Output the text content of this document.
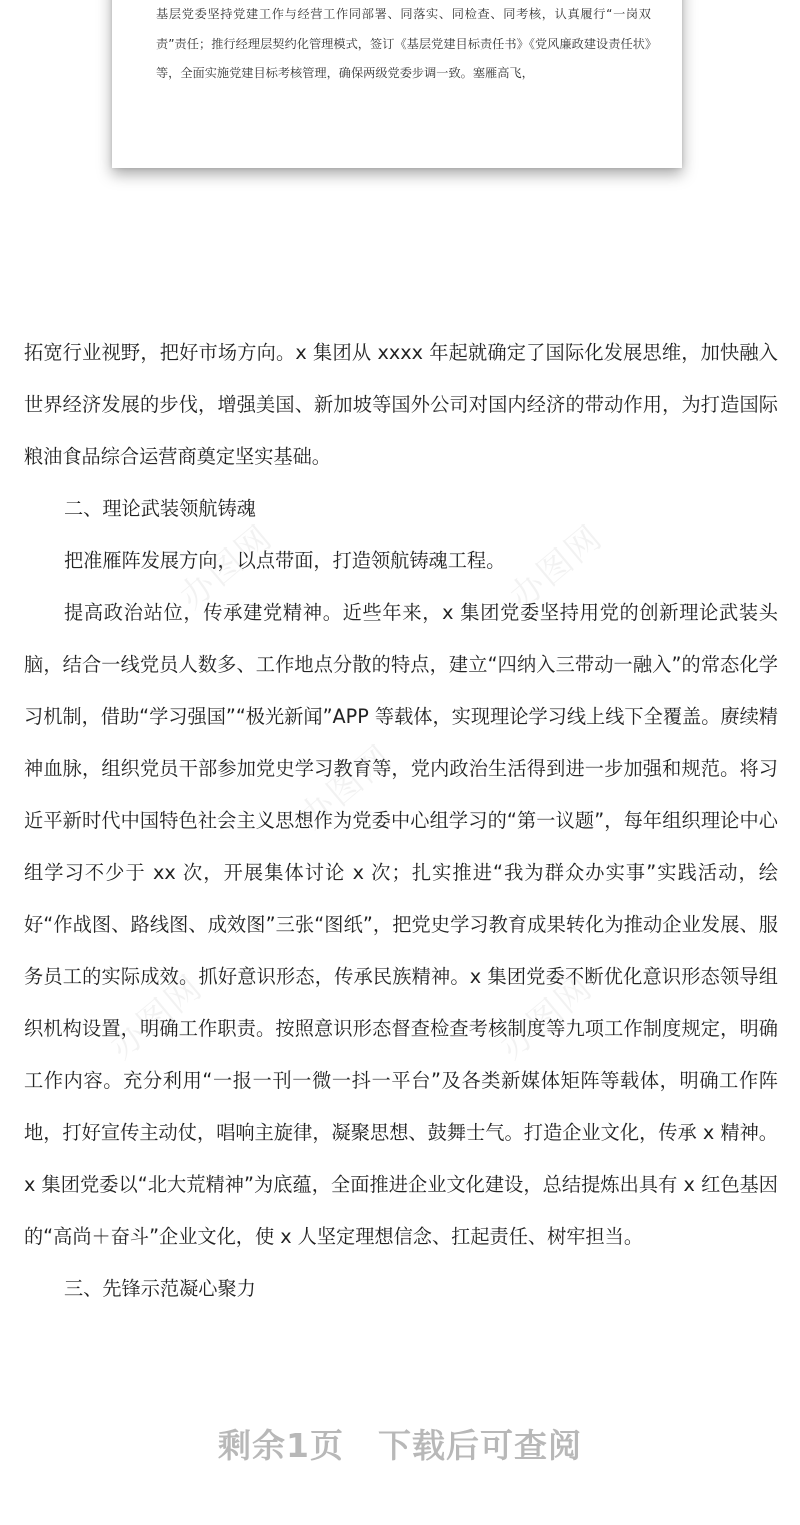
基层党委坚持党建工作与经营工作同部署、同落实、同检查、同考核，认真履行“一岗双责”责任；推行经理层契约化管理模式，签订《基层党建目标责任书》《党风廉政建设责任状》等，全面实施党建目标考核管理，确保两级党委步调一致。塞雁高飞，

拓宽行业视野，把好市场方向。x 集团从 xxxx 年起就确定了国际化发展思维，加快融入世界经济发展的步伐，增强美国、新加坡等国外公司对国内经济的带动作用，为打造国际粮油食品综合运营商奠定坚实基础。

二、理论武装领航铸魂

把准雁阵发展方向，以点带面，打造领航铸魂工程。

提高政治站位，传承建党精神。近些年来，x 集团党委坚持用党的创新理论武装头脑，结合一线党员人数多、工作地点分散的特点，建立“四纳入三带动一融入”的常态化学习机制，借助“学习强国”“极光新闻”APP 等载体，实现理论学习线上线下全覆盖。赓续精神血脉，组织党员干部参加党史学习教育等，党内政治生活得到进一步加强和规范。将习近平新时代中国特色社会主义思想作为党委中心组学习的“第一议题”，每年组织理论中心组学习不少于 xx 次，开展集体讨论 x 次；扎实推进“我为群众办实事”实践活动，绘好“作战图、路线图、成效图”三张“图纸”，把党史学习教育成果转化为推动企业发展、服务员工的实际成效。抓好意识形态，传承民族精神。x 集团党委不断优化意识形态领导组织机构设置，明确工作职责。按照意识形态督查检查考核制度等九项工作制度规定，明确工作内容。充分利用“一报一刊一微一抖一平台”及各类新媒体矩阵等载体，明确工作阵地，打好宣传主动仗，唱响主旋律，凝聚思想、鼓舞士气。打造企业文化，传承 x 精神。x 集团党委以“北大荒精神”为底蕴，全面推进企业文化建设，总结提炼出具有 x 红色基因的“高尚＋奋斗”企业文化，使 x 人坚定理想信念、扛起责任、树牢担当。

三、先锋示范凝心聚力

办图网	办图网
办图网
办图网	办图网
剩余1页 下载后可查阅
